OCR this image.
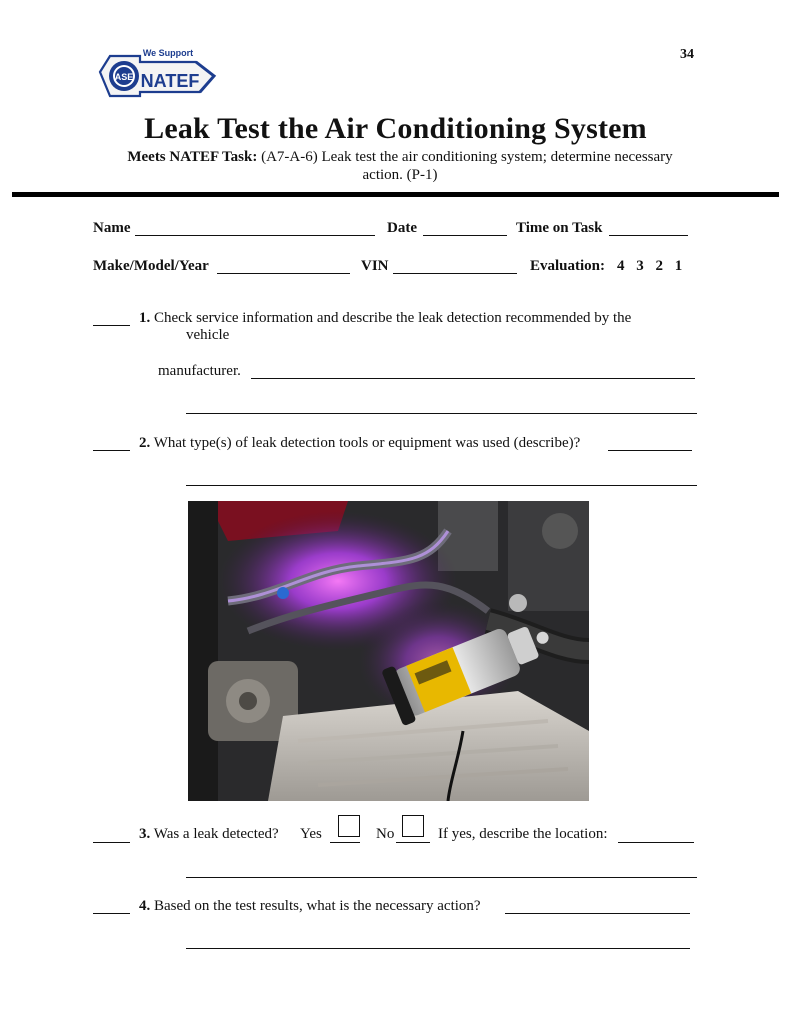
34
ASE NATEF
We Support
Leak Test the Air Conditioning System
Meets NATEF Task: (A7-A-6) Leak test the air conditioning system; determine necessary
action. (P-1)
Name	Date	Time on Task
Make/Model/Year	VIN	Evaluation: 4 3 2 1
1. Check service information and describe the leak detection recommended by the
vehicle
manufacturer.
2. What type(s) of leak detection tools or equipment was used (describe)?
3. Was a leak detected? Yes	No	If yes, describe the location:
4. Based on the test results, what is the necessary action?
